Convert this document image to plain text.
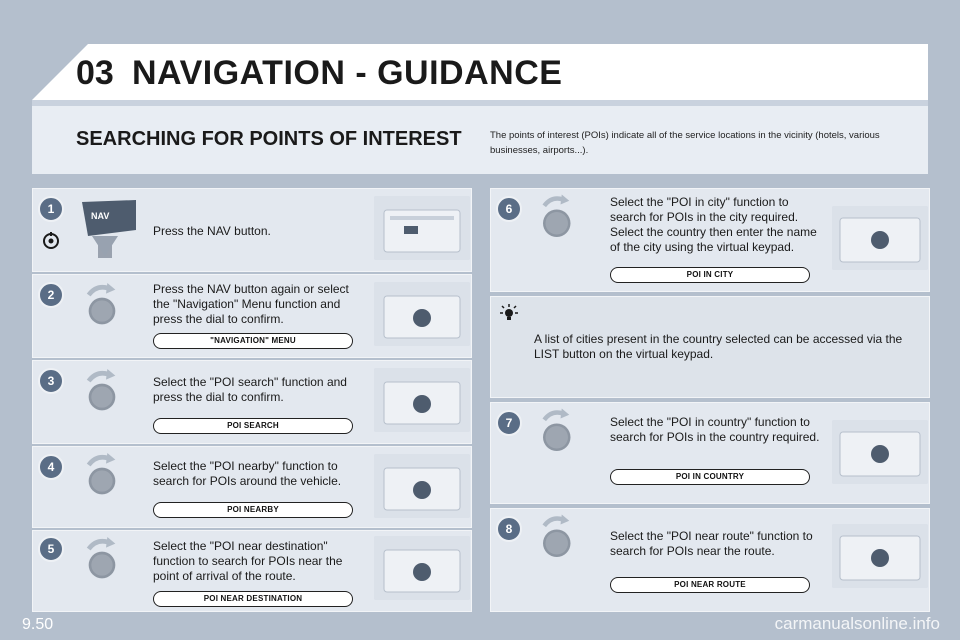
03 NAVIGATION - GUIDANCE
SEARCHING FOR POINTS OF INTEREST	The points of interest (POIs) indicate all of the service locations in the vicinity (hotels, various businesses, airports...).
1	NAV
Press the NAV button.
2	Press the NAV button again or select the "Navigation" Menu function and press the dial to confirm.
"NAVIGATION" MENU
3	Select the "POI search" function and press the dial to confirm.
POI SEARCH
4	Select the "POI nearby" function to search for POIs around the vehicle.
POI NEARBY
5	Select the "POI near destination" function to search for POIs near the point of arrival of the route.
POI NEAR DESTINATION
6	Select the "POI in city" function to search for POIs in the city required. Select the country then enter the name of the city using the virtual keypad.
POI IN CITY
A list of cities present in the country selected can be accessed via the LIST button on the virtual keypad.
7	Select the "POI in country" function to search for POIs in the country required.
POI IN COUNTRY
8	Select the "POI near route" function to search for POIs near the route.
POI NEAR ROUTE
9.50	carmanualsonline.info
